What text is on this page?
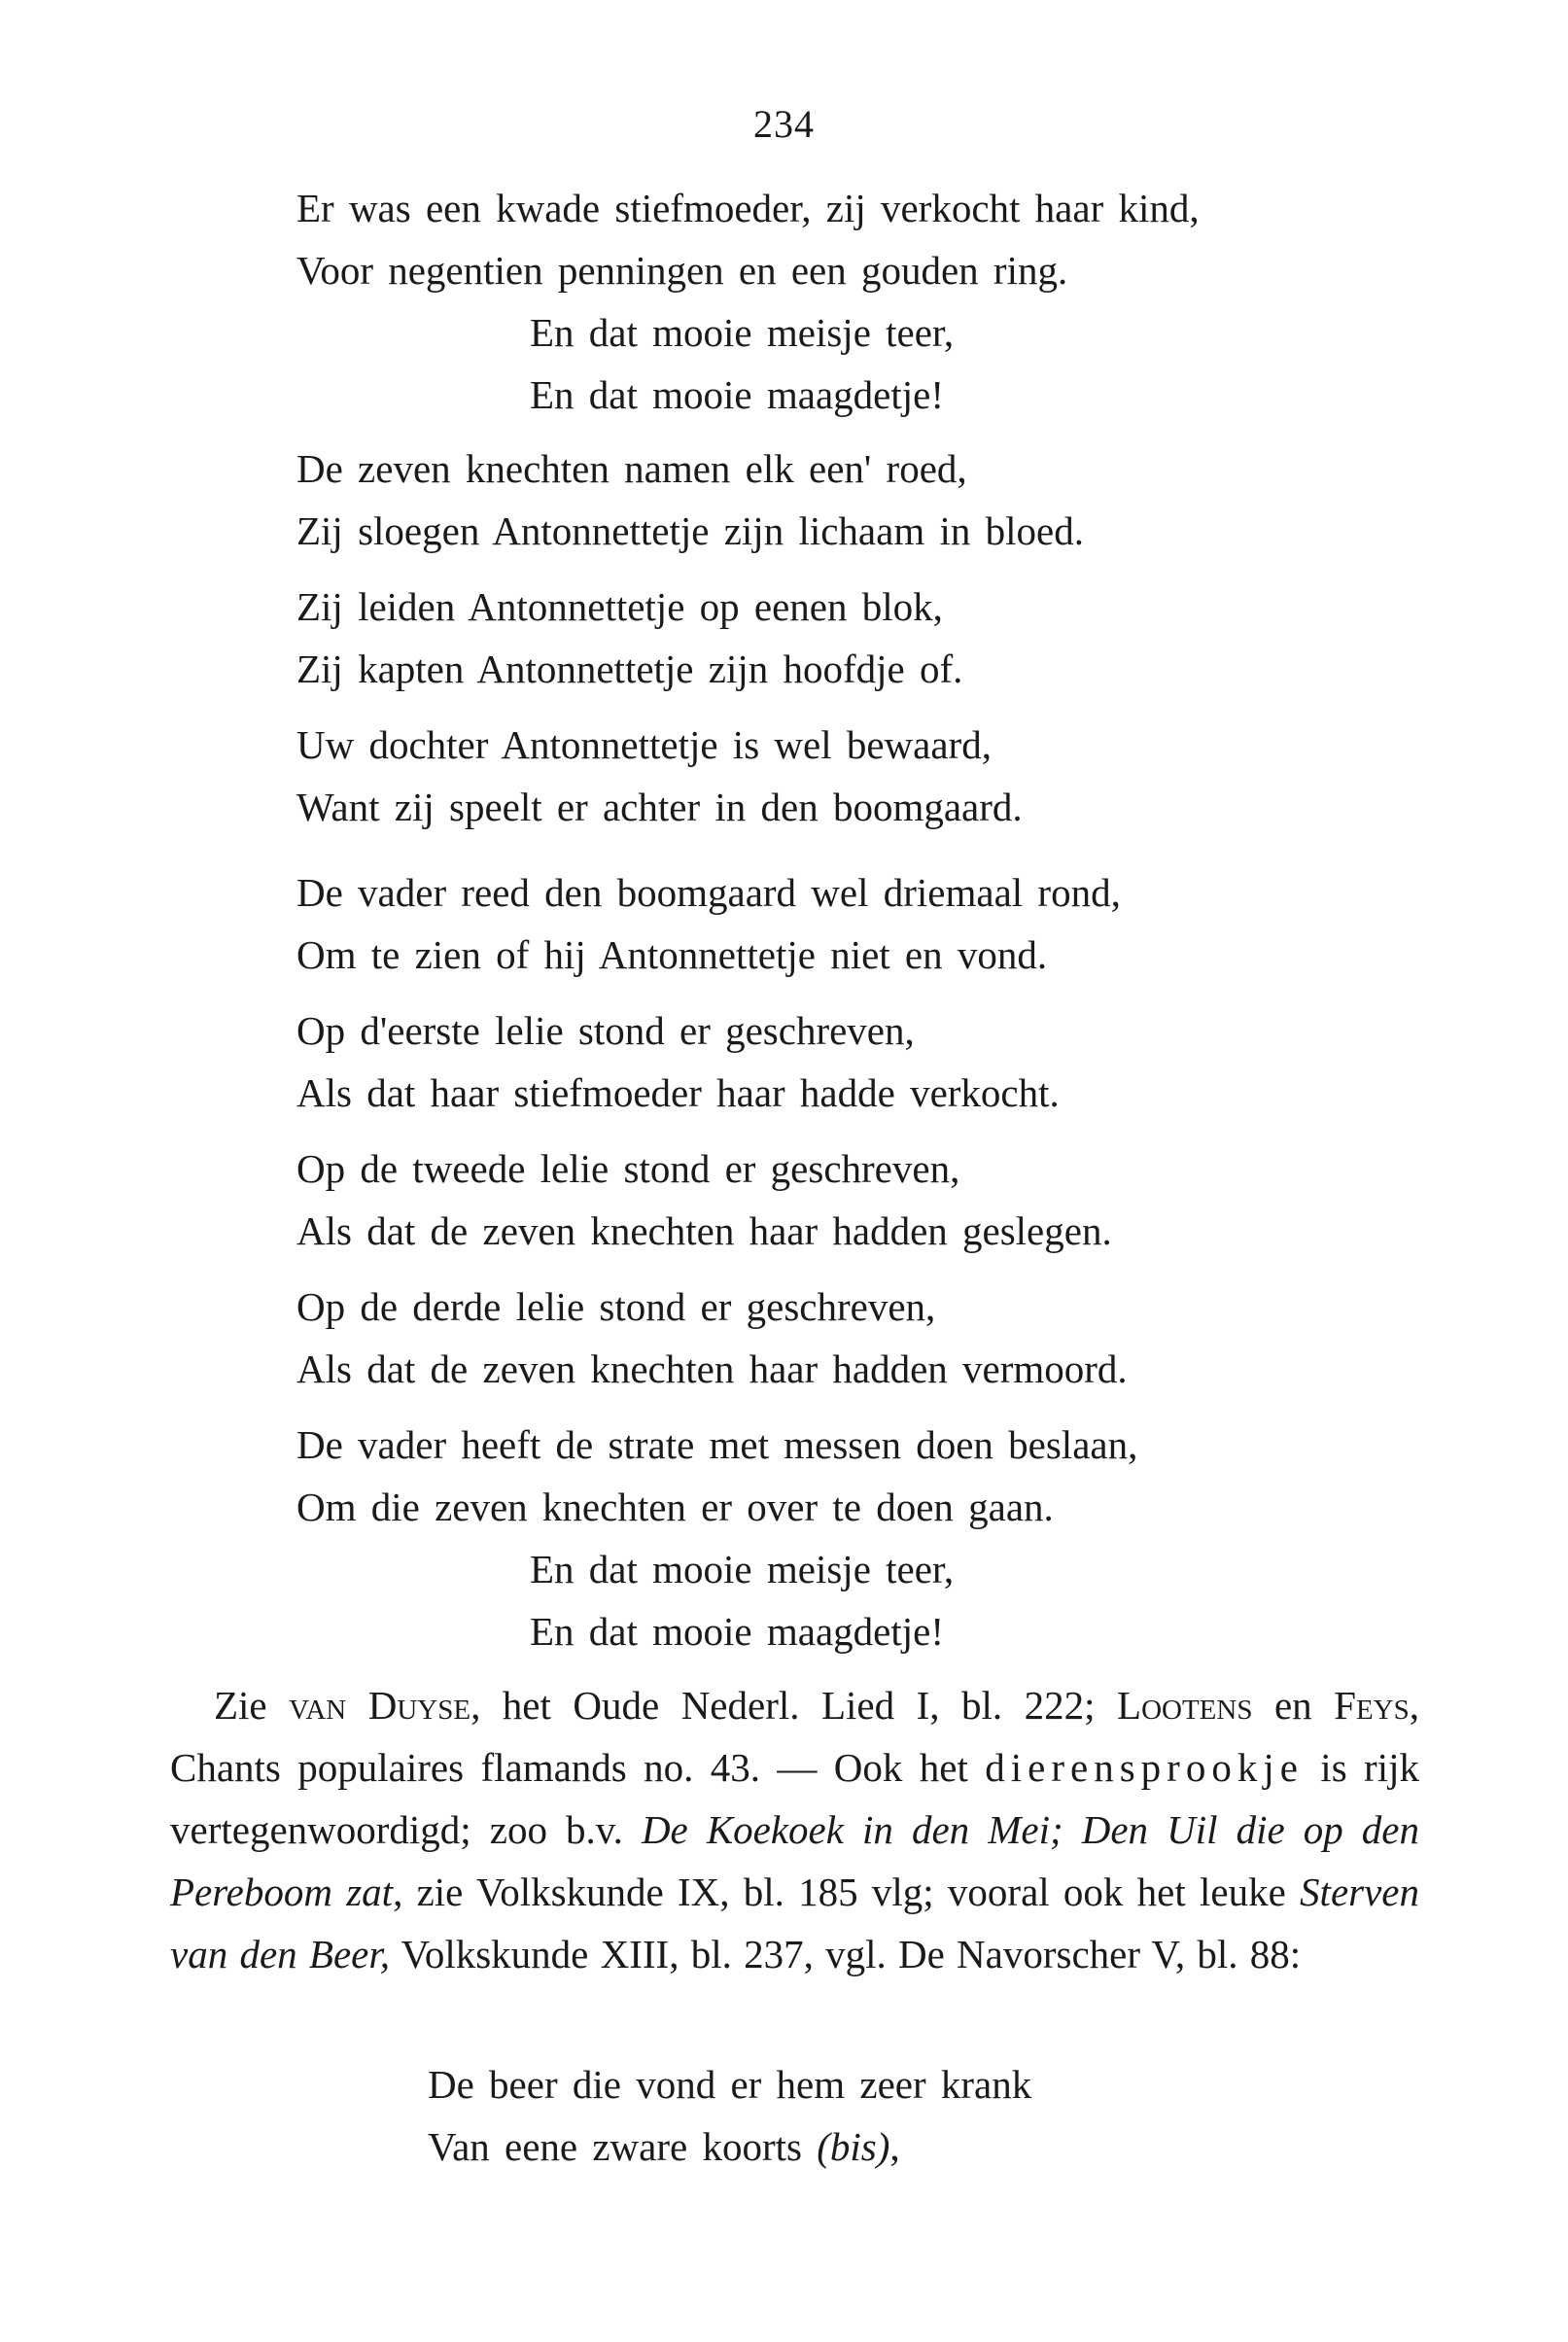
234
Er was een kwade stiefmoeder, zij verkocht haar kind,
Voor negentien penningen en een gouden ring.
En dat mooie meisje teer,
En dat mooie maagdetje!
De zeven knechten namen elk een' roed,
Zij sloegen Antonnettetje zijn lichaam in bloed.
Zij leiden Antonnettetje op eenen blok,
Zij kapten Antonnettetje zijn hoofdje of.
Uw dochter Antonnettetje is wel bewaard,
Want zij speelt er achter in den boomgaard.
De vader reed den boomgaard wel driemaal rond,
Om te zien of hij Antonnettetje niet en vond.
Op d'eerste lelie stond er geschreven,
Als dat haar stiefmoeder haar hadde verkocht.
Op de tweede lelie stond er geschreven,
Als dat de zeven knechten haar hadden geslegen.
Op de derde lelie stond er geschreven,
Als dat de zeven knechten haar hadden vermoord.
De vader heeft de strate met messen doen beslaan,
Om die zeven knechten er over te doen gaan.
En dat mooie meisje teer,
En dat mooie maagdetje!
Zie van Duyse, het Oude Nederl. Lied I, bl. 222; Lootens en Feys, Chants populaires flamands no. 43. — Ook het dierensprookje is rijk vertegenwoordigd; zoo b.v. De Koekoek in den Mei; Den Uil die op den Pereboom zat, zie Volkskunde IX, bl. 185 vlg; vooral ook het leuke Sterven van den Beer, Volkskunde XIII, bl. 237, vgl. De Navorscher V, bl. 88:
De beer die vond er hem zeer krank
Van eene zware koorts (bis),
